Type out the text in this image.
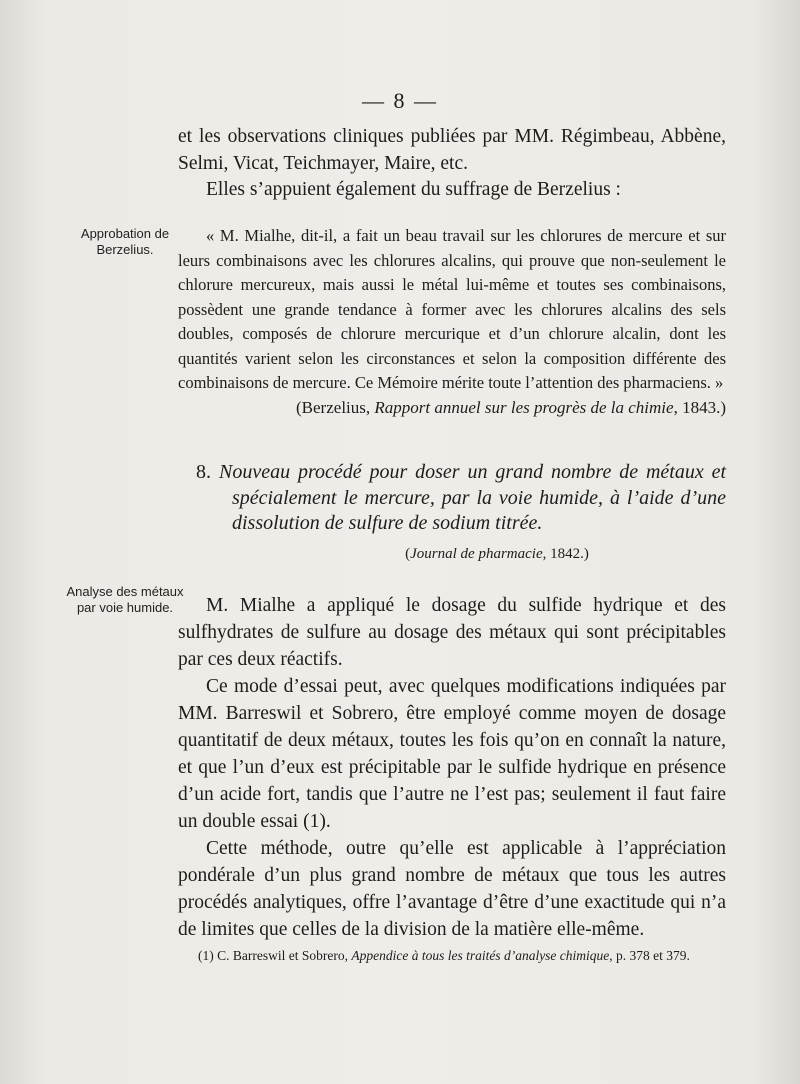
— 8 —

et les observations cliniques publiées par MM. Régimbeau, Abbène, Selmi, Vicat, Teichmayer, Maire, etc.

Elles s’appuient également du suffrage de Berzelius :

Approbation de Berzelius.

« M. Mialhe, dit-il, a fait un beau travail sur les chlorures de mercure et sur leurs combinaisons avec les chlorures alcalins, qui prouve que non-seulement le chlorure mercureux, mais aussi le métal lui-même et toutes ses combinaisons, possèdent une grande tendance à former avec les chlorures alcalins des sels doubles, composés de chlorure mercurique et d’un chlorure alcalin, dont les quantités varient selon les circonstances et selon la composition différente des combinaisons de mercure. Ce Mémoire mérite toute l’attention des pharmaciens. »

(Berzelius, Rapport annuel sur les progrès de la chimie, 1843.)

8. Nouveau procédé pour doser un grand nombre de métaux et spécialement le mercure, par la voie humide, à l’aide d’une dissolution de sulfure de sodium titrée.
(Journal de pharmacie, 1842.)
Analyse des métaux par voie humide.	M. Mialhe a appliqué le dosage du sulfide hydrique et des sulfhydrates de sulfure au dosage des métaux qui sont précipitables par ces deux réactifs.

Ce mode d’essai peut, avec quelques modifications indiquées par MM. Barreswil et Sobrero, être employé comme moyen de dosage quantitatif de deux métaux, toutes les fois qu’on en connaît la nature, et que l’un d’eux est précipitable par le sulfide hydrique en présence d’un acide fort, tandis que l’autre ne l’est pas; seulement il faut faire un double essai (1).

Cette méthode, outre qu’elle est applicable à l’appréciation pondérale d’un plus grand nombre de métaux que tous les autres procédés analytiques, offre l’avantage d’être d’une exactitude qui n’a de limites que celles de la division de la matière elle-même.

(1) C. Barreswil et Sobrero, Appendice à tous les traités d’analyse chimique, p. 378 et 379.
